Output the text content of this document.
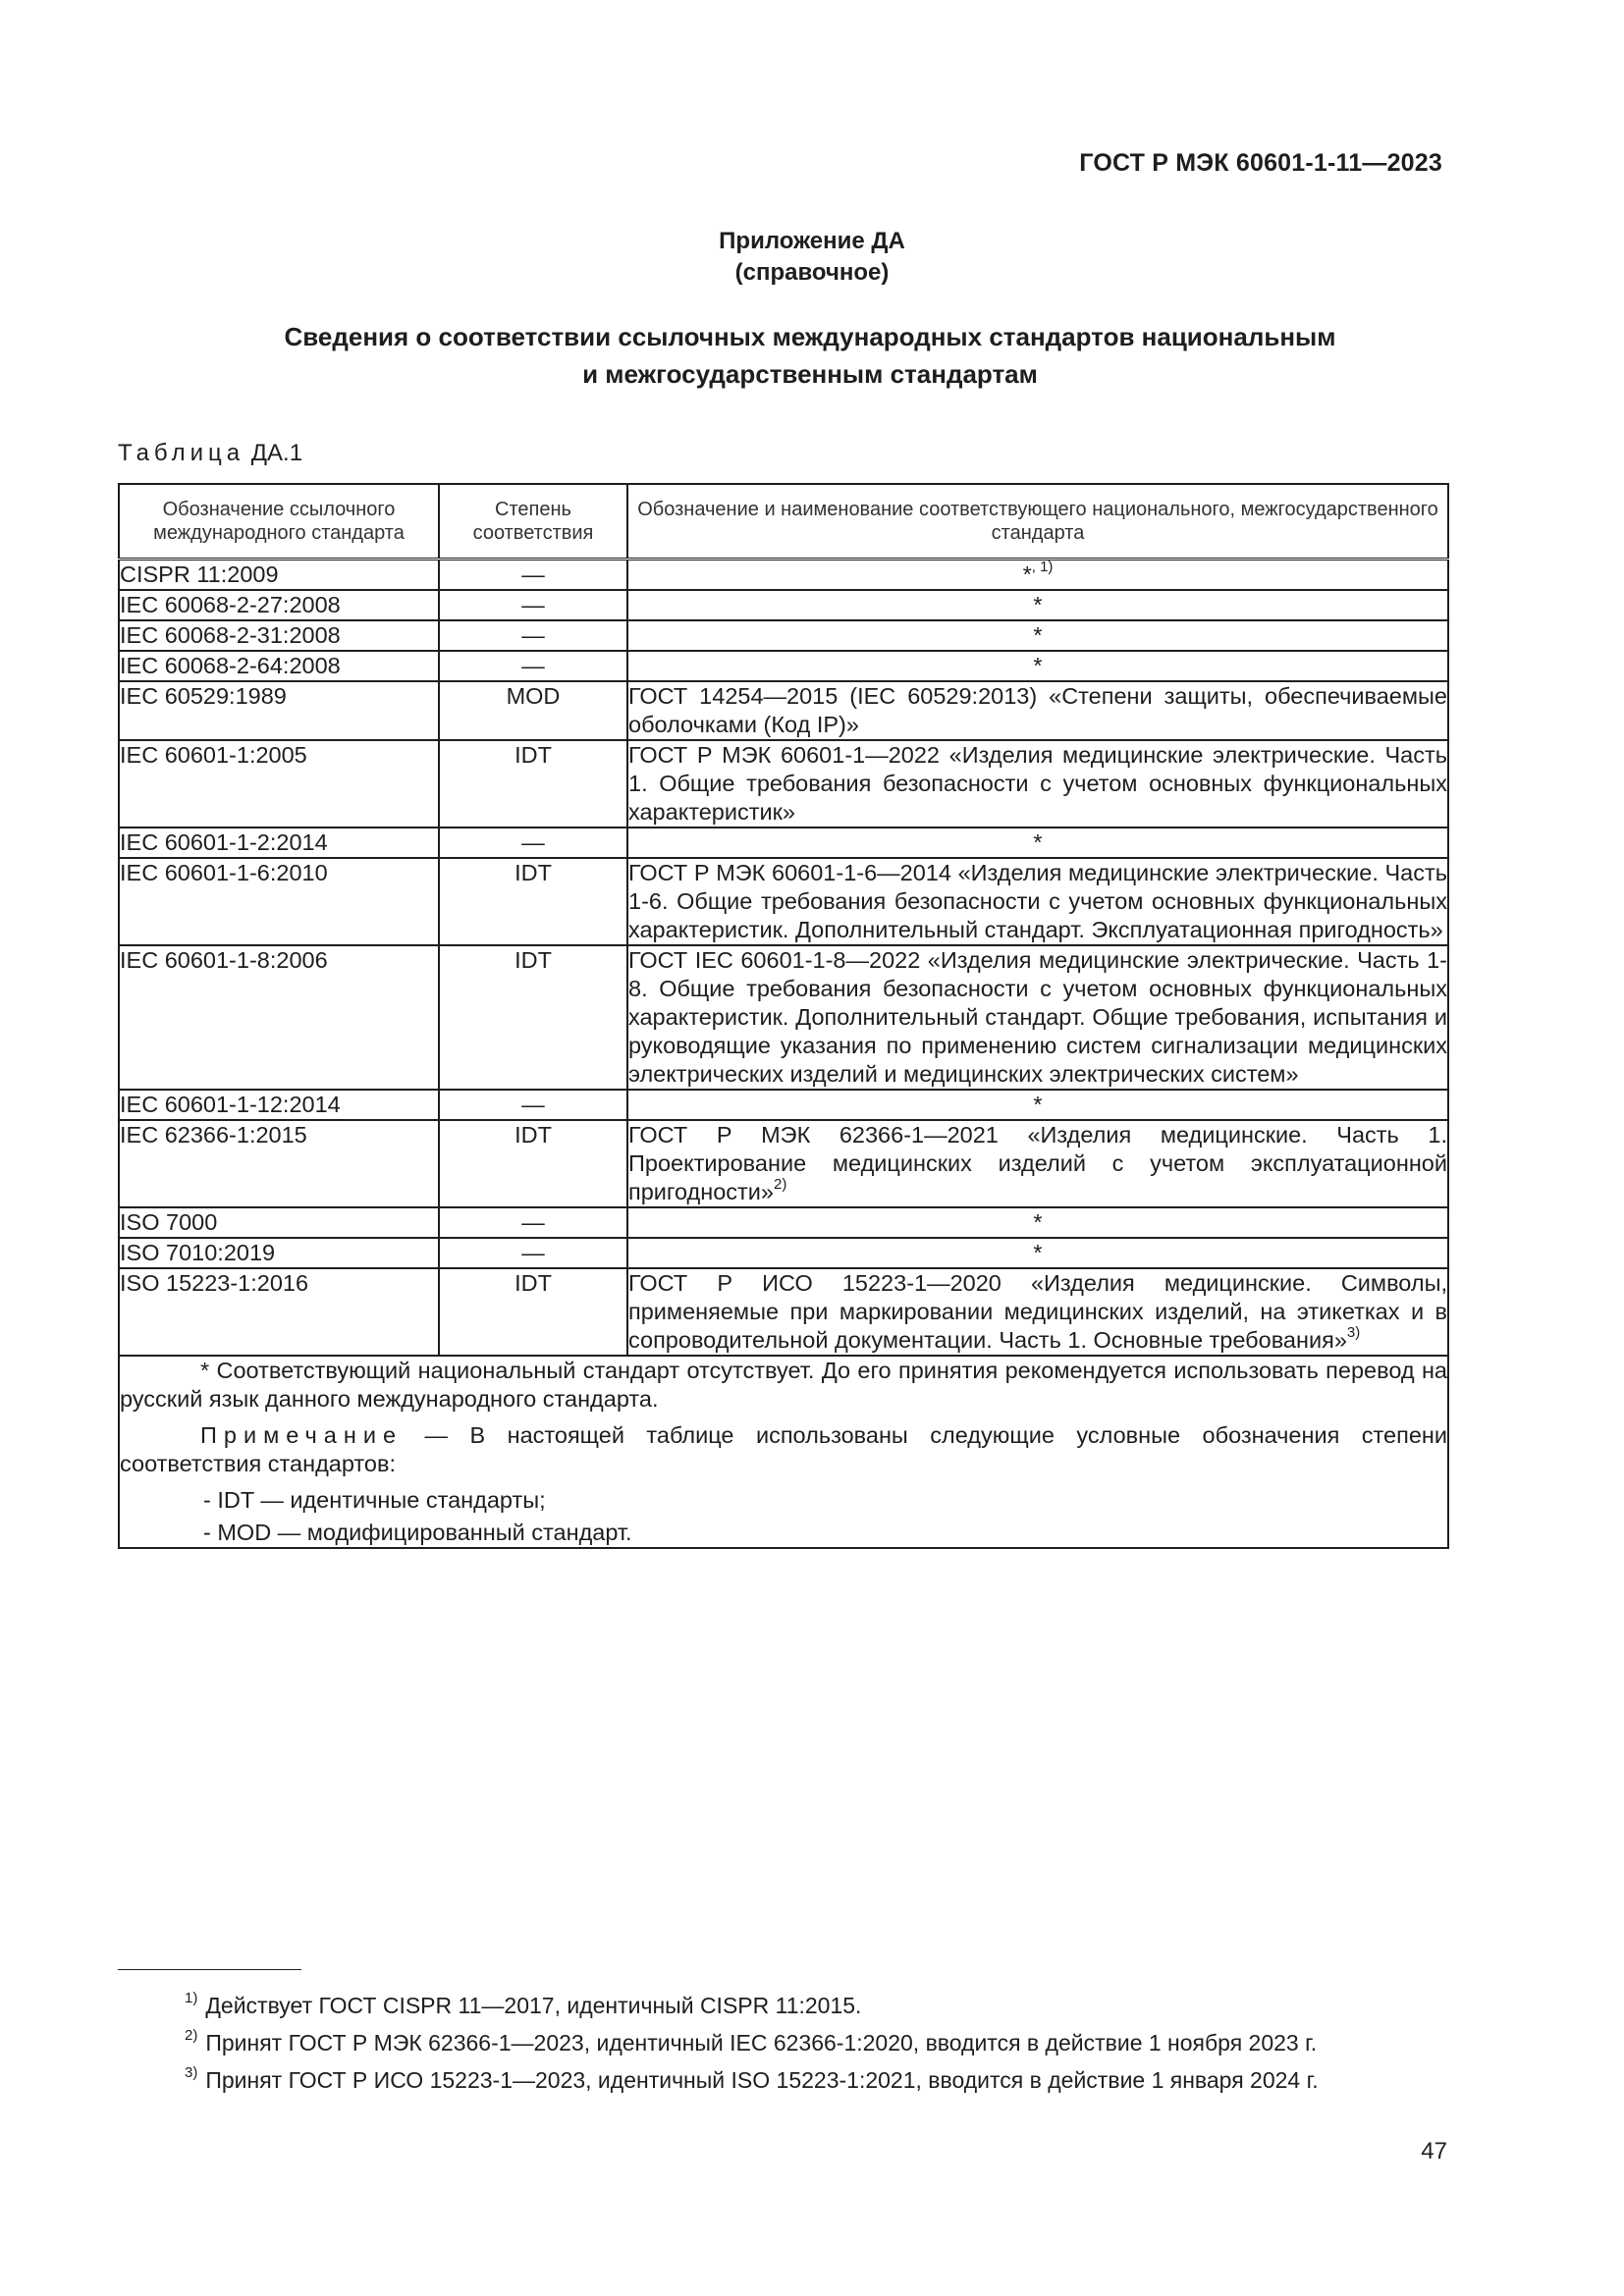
ГОСТ Р МЭК 60601-1-11—2023
Приложение ДА
(справочное)
Сведения о соответствии ссылочных международных стандартов национальным
и межгосударственным стандартам
Таблица ДА.1
Обозначение ссылочного международного стандарта	Степень соответствия	Обозначение и наименование соответствующего национального, межгосударственного стандарта
CISPR 11:2009	—	*$^{, 1)}$
IEC 60068-2-27:2008	—	*
IEC 60068-2-31:2008	—	*
IEC 60068-2-64:2008	—	*
IEC 60529:1989	MOD	ГОСТ 14254—2015 (IEC 60529:2013) «Степени защиты, обеспечиваемые оболочками (Код IP)»
IEC 60601-1:2005	IDT	ГОСТ Р МЭК 60601-1—2022 «Изделия медицинские электрические. Часть 1. Общие требования безопасности с учетом основных функциональных характеристик»
IEC 60601-1-2:2014	—	*
IEC 60601-1-6:2010	IDT	ГОСТ Р МЭК 60601-1-6—2014 «Изделия медицинские электрические. Часть 1-6. Общие требования безопасности с учетом основных функциональных характеристик. Дополнительный стандарт. Эксплуатационная пригодность»
IEC 60601-1-8:2006	IDT	ГОСТ IEC 60601-1-8—2022 «Изделия медицинские электрические. Часть 1-8. Общие требования безопасности с учетом основных функциональных характеристик. Дополнительный стандарт. Общие требования, испытания и руководящие указания по применению систем сигнализации медицинских электрических изделий и медицинских электрических систем»
IEC 60601-1-12:2014	—	*
IEC 62366-1:2015	IDT	ГОСТ Р МЭК 62366-1—2021 «Изделия медицинские. Часть 1. Проектирование медицинских изделий с учетом эксплуатационной пригодности»$^{2)}$
ISO 7000	—	*
ISO 7010:2019	—	*
ISO 15223-1:2016	IDT	ГОСТ Р ИСО 15223-1—2020 «Изделия медицинские. Символы, применяемые при маркировании медицинских изделий, на этикетках и в сопроводительной документации. Часть 1. Основные требования»$^{3)}$

* Соответствующий национальный стандарт отсутствует. До его принятия рекомендуется использовать перевод на русский язык данного международного стандарта.

Примечание — В настоящей таблице использованы следующие условные обозначения степени соответствия стандартов:

- IDT — идентичные стандарты;

- MOD — модифицированный стандарт.		

$^{1)}$ Действует ГОСТ CISPR 11—2017, идентичный CISPR 11:2015.
$^{2)}$ Принят ГОСТ Р МЭК 62366-1—2023, идентичный IEC 62366-1:2020, вводится в действие 1 ноября 2023 г.
$^{3)}$ Принят ГОСТ Р ИСО 15223-1—2023, идентичный ISO 15223-1:2021, вводится в действие 1 января 2024 г.
47
